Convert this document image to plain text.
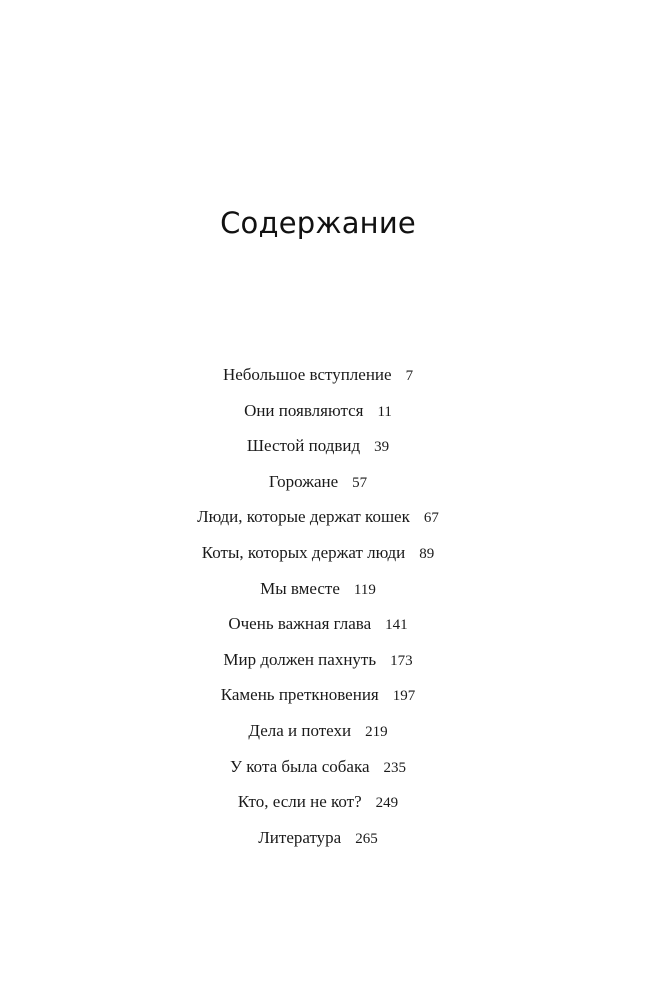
Содержание
Небольшое вступление 7
Они появляются 11
Шестой подвид 39
Горожане 57
Люди, которые держат кошек 67
Коты, которых держат люди 89
Мы вместе 119
Очень важная глава 141
Мир должен пахнуть 173
Камень преткновения 197
Дела и потехи 219
У кота была собака 235
Кто, если не кот? 249
Литература 265
